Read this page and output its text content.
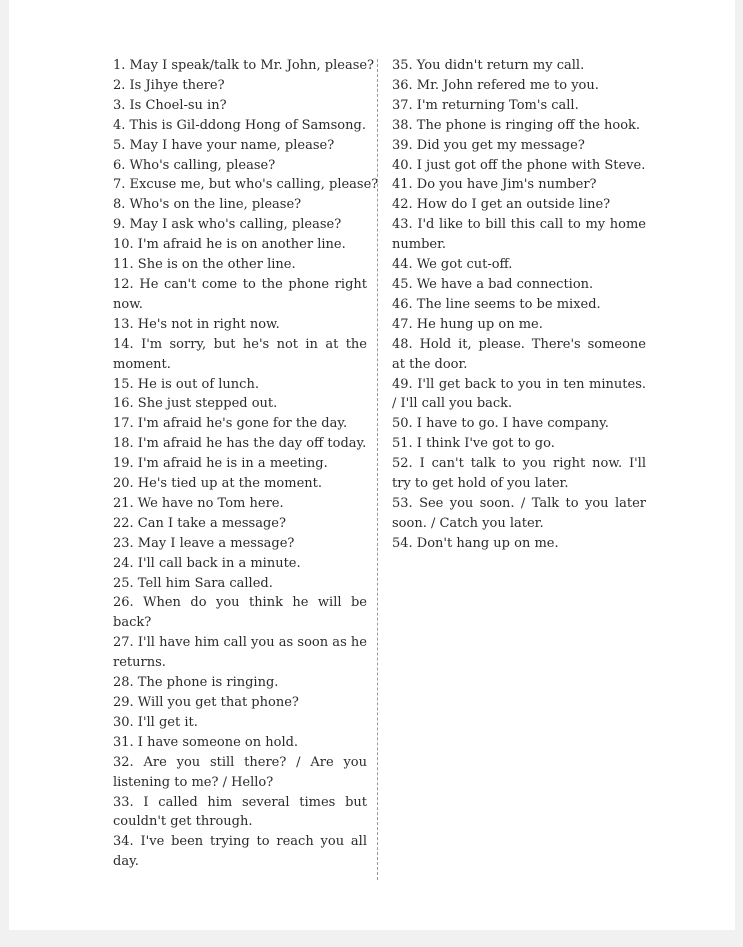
1. May I speak/talk to Mr. John, please?
2. Is Jihye there?
3. Is Choel-su in?
4. This is Gil-ddong Hong of Samsong.
5. May I have your name, please?
6. Who's calling, please?
7. Excuse me, but who's calling, please?
8. Who's on the line, please?
9. May I ask who's calling, please?
10. I'm afraid he is on another line.
11. She is on the other line.
12. He can't come to the phone right now.
13. He's not in right now.
14. I'm sorry, but he's not in at the moment.
15. He is out of lunch.
16. She just stepped out.
17. I'm afraid he's gone for the day.
18. I'm afraid he has the day off today.
19. I'm afraid he is in a meeting.
20. He's tied up at the moment.
21. We have no Tom here.
22. Can I take a message?
23. May I leave a message?
24. I'll call back in a minute.
25. Tell him Sara called.
26. When do you think he will be back?
27. I'll have him call you as soon as he returns.
28. The phone is ringing.
29. Will you get that phone?
30. I'll get it.
31. I have someone on hold.
32. Are you still there? / Are you listening to me? / Hello?
33. I called him several times but couldn't get through.
34. I've been trying to reach you all day.
35. You didn't return my call.
36. Mr. John refered me to you.
37. I'm returning Tom's call.
38. The phone is ringing off the hook.
39. Did you get my message?
40. I just got off the phone with Steve.
41. Do you have Jim's number?
42. How do I get an outside line?
43. I'd like to bill this call to my home number.
44. We got cut-off.
45. We have a bad connection.
46. The line seems to be mixed.
47. He hung up on me.
48. Hold it, please. There's someone at the door.
49. I'll get back to you in ten minutes. / I'll call you back.
50. I have to go. I have company.
51. I think I've got to go.
52. I can't talk to you right now. I'll try to get hold of you later.
53. See you soon. / Talk to you later soon. / Catch you later.
54. Don't hang up on me.
